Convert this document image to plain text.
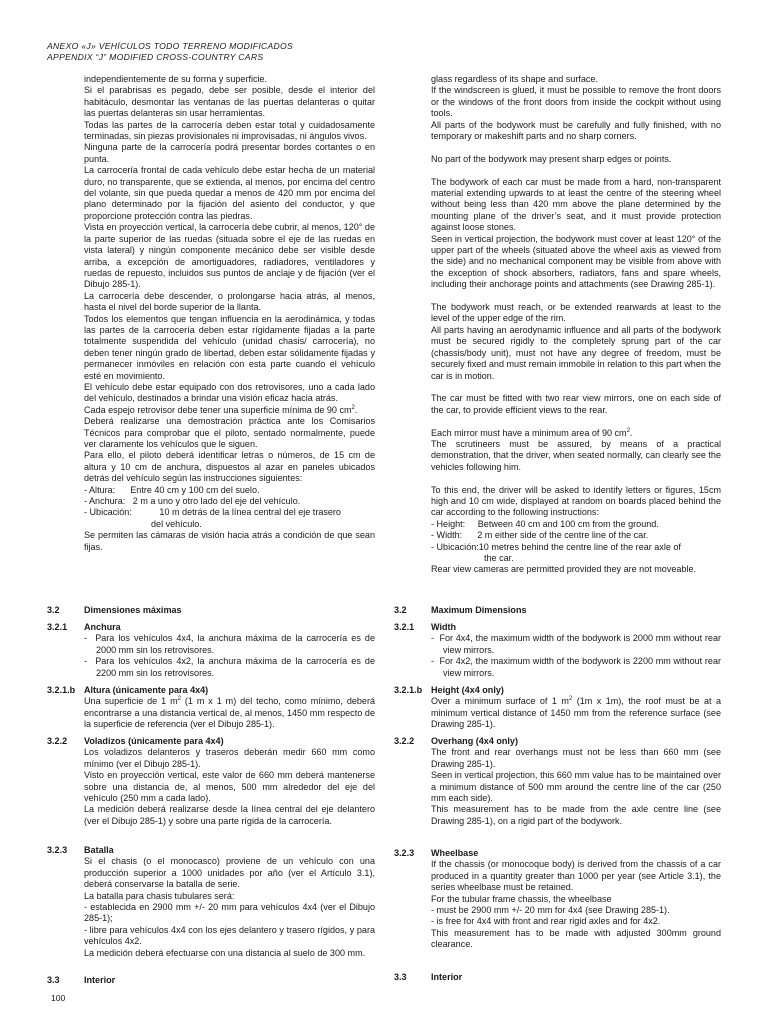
ANEXO «J» VEHÍCULOS TODO TERRENO MODIFICADOS
APPENDIX “J” MODIFIED CROSS-COUNTRY CARS

independientemente de su forma y superficie.

Si el parabrisas es pegado, debe ser posible, desde el interior del habitáculo, desmontar las ventanas de las puertas delanteras o quitar las puertas delanteras sin usar herramientas.

Todas las partes de la carrocería deben estar total y cuidadosamente terminadas, sin piezas provisionales ni improvisadas, ni ángulos vivos.

Ninguna parte de la carrocería podrá presentar bordes cortantes o en punta.

La carrocería frontal de cada vehículo debe estar hecha de un material duro, no transparente, que se extienda, al menos, por encima del centro del volante, sin que pueda quedar a menos de 420 mm por encima del plano determinado por la fijación del asiento del conductor, y que proporcione protección contra las piedras.

Vista en proyección vertical, la carrocería debe cubrir, al menos, 120° de la parte superior de las ruedas (situada sobre el eje de las ruedas en vista lateral) y ningún componente mecánico debe ser visible desde arriba, a excepción de amortiguadores, radiadores, ventiladores y ruedas de repuesto, incluidos sus puntos de anclaje y de fijación (ver el Dibujo 285-1).

La carrocería debe descender, o prolongarse hacia atrás, al menos, hasta el nivel del borde superior de la llanta.

Todos los elementos que tengan influencia en la aerodinámica, y todas las partes de la carrocería deben estar rígidamente fijadas a la parte totalmente suspendida del vehículo (unidad chasis/ carrocería), no deben tener ningún grado de libertad, deben estar sólidamente fijadas y permanecer inmóviles en relación con esta parte cuando el vehículo esté en movimiento.

El vehículo debe estar equipado con dos retrovisores, uno a cada lado del vehículo, destinados a brindar una visión eficaz hacia atrás.

Cada espejo retrovisor debe tener una superficie mínima de 90 $cm^2$.

Deberá realizarse una demostración práctica ante los Comisarios Técnicos para comprobar que el piloto, sentado normalmente, puede ver claramente los vehículos que le siguen.

Para ello, el piloto deberá identificar letras o números, de 15 cm de altura y 10 cm de anchura, dispuestos al azar en paneles ubicados detrás del vehículo según las instrucciones siguientes:

- Altura:      Entre 40 cm y 100 cm del suelo.

- Anchura:   2 m a uno y otro lado del eje del vehículo.

- Ubicación:           10 m detrás de la línea central del eje trasero

del vehículo.

Se permiten las cámaras de visión hacia atrás a condición de que sean fijas.

glass regardless of its shape and surface.

If the windscreen is glued, it must be possible to remove the front doors or the windows of the front doors from inside the cockpit without using tools.

All parts of the bodywork must be carefully and fully finished, with no temporary or makeshift parts and no sharp corners.

No part of the bodywork may present sharp edges or points.

The bodywork of each car must be made from a hard, non-transparent material extending upwards to at least the centre of the steering wheel without being less than 420 mm above the plane determined by the mounting plane of the driver’s seat, and it must provide protection against loose stones.

Seen in vertical projection, the bodywork must cover at least 120° of the upper part of the wheels (situated above the wheel axis as viewed from the side) and no mechanical component may be visible from above with the exception of shock absorbers, radiators, fans and spare wheels, including their anchorage points and attachments (see Drawing 285-1).

The bodywork must reach, or be extended rearwards at least to the level of the upper edge of the rim.

All parts having an aerodynamic influence and all parts of the bodywork must be secured rigidly to the completely sprung part of the car (chassis/body unit), must not have any degree of freedom, must be securely fixed and must remain immobile in relation to this part when the car is in motion.

The car must be fitted with two rear view mirrors, one on each side of the car, to provide efficient views to the rear.

Each mirror must have a minimum area of 90 $cm^2$.

The scrutineers must be assured, by means of a practical demonstration, that the driver, when seated normally, can clearly see the vehicles following him.

To this end, the driver will be asked to identify letters or figures, 15cm high and 10 cm wide, displayed at random on boards placed behind the car according to the following instructions:

- Height:     Between 40 cm and 100 cm from the ground.

- Width:      2 m either side of the centre line of the car.

- Ubicación:10 metres behind the centre line of the rear axle of

the car.

Rear view cameras are permitted provided they are not moveable.

3.2	Dimensiones máximas

3.2.1 Anchura

-  Para los vehículos 4x4, la anchura máxima de la carrocería es de 2000 mm sin los retrovisores.

-  Para los vehículos 4x2, la anchura máxima de la carrocería es de 2200 mm sin los retrovisores.

3.2.1.b Altura (únicamente para 4x4)

Una superficie de 1 $m^2$ (1 m x 1 m) del techo, como mínimo, deberá encontrarse a una distancia vertical de, al menos, 1450 mm respecto de la superficie de referencia (ver el Dibujo 285-1).

3.2.2 Voladizos (únicamente para 4x4)

Los voladizos delanteros y traseros deberán medir 660 mm como mínimo (ver el Dibujo 285-1).

Visto en proyección vertical, este valor de 660 mm deberá mantenerse sobre una distancia de, al menos, 500 mm alrededor del eje del vehículo (250 mm a cada lado).

La medición deberá realizarse desde la línea central del eje delantero (ver el Dibujo 285-1) y sobre una parte rígida de la carrocería.

3.2.3 Batalla

Si el chasis (o el monocasco) proviene de un vehículo con una producción superior a 1000 unidades por año (ver el Artículo 3.1), deberá conservarse la batalla de serie.

La batalla para chasis tubulares será:

- establecida en 2900 mm +/- 20 mm para vehículos 4x4 (ver el Dibujo 285-1);

- libre para vehículos 4x4 con los ejes delantero y trasero rígidos, y para vehículos 4x2.

La medición deberá efectuarse con una distancia al suelo de 300 mm.

3.3	Interior

3.2	Maximum Dimensions

3.2.1 Width

-  For 4x4, the maximum width of the bodywork is 2000 mm without rear view mirrors.

-  For 4x2, the maximum width of the bodywork is 2200 mm without rear view mirrors.

3.2.1.b Height (4x4 only)

Over a minimum surface of 1 $m^2$ (1m x 1m), the roof must be at a minimum vertical distance of 1450 mm from the reference surface (see Drawing 285-1).

3.2.2 Overhang (4x4 only)

The front and rear overhangs must not be less than 660 mm (see Drawing 285-1).

Seen in vertical projection, this 660 mm value has to be maintained over a minimum distance of 500 mm around the centre line of the car (250 mm each side).

This measurement has to be made from the axle centre line (see Drawing 285-1), on a rigid part of the bodywork.

3.2.3 Wheelbase

If the chassis (or monocoque body) is derived from the chassis of a car produced in a quantity greater than 1000 per year (see Article 3.1), the series wheelbase must be retained.

For the tubular frame chassis, the wheelbase

- must be 2900 mm +/- 20 mm for 4x4 (see Drawing 285-1).

- is free for 4x4 with front and rear rigid axles and for 4x2.

This measurement has to be made with adjusted 300mm ground clearance.

3.3	Interior

100
